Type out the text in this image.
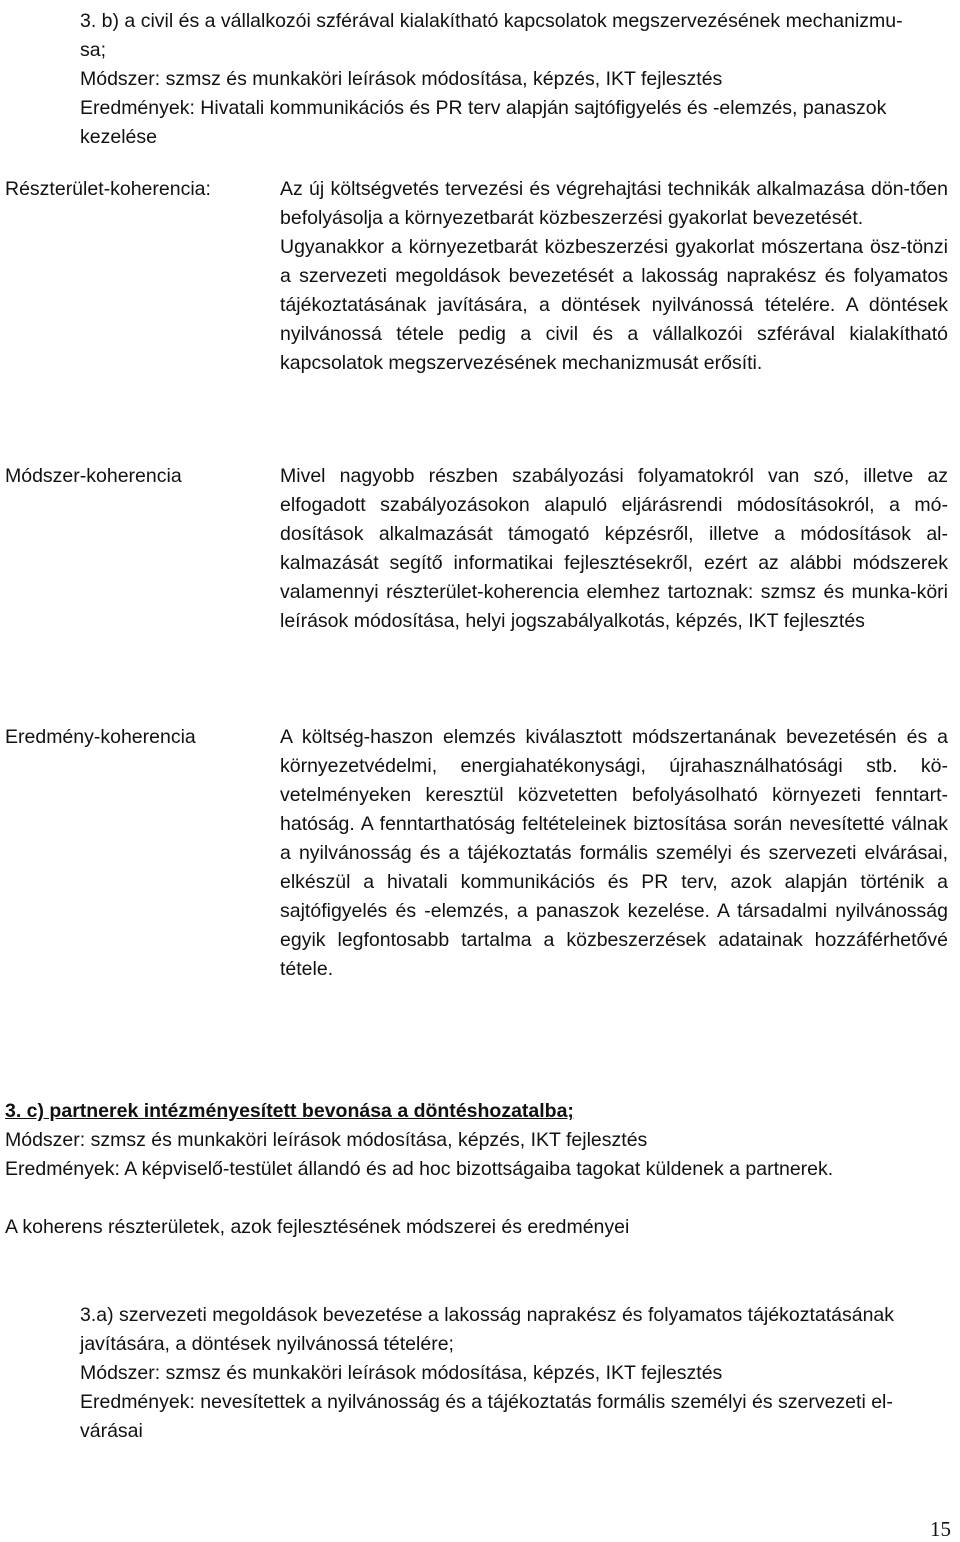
3. b) a civil és a vállalkozói szférával kialakítható kapcsolatok megszervezésének mechanizmu-
sa;
Módszer: szmsz és munkaköri leírások módosítása, képzés, IKT fejlesztés
Eredmények: Hivatali kommunikációs és PR terv alapján sajtófigyelés és -elemzés, panaszok
kezelése
Részterület-koherencia:	Az új költségvetés tervezési és végrehajtási technikák alkalmazása dön-tően befolyásolja a környezetbarát közbeszerzési gyakorlat bevezetését.

Ugyanakkor a környezetbarát közbeszerzési gyakorlat mószertana ösz-tönzi a szervezeti megoldások bevezetését a lakosság naprakész és folyamatos tájékoztatásának javítására, a döntések nyilvánossá tételére. A döntések nyilvánossá tétele pedig a civil és a vállalkozói szférával kialakítható kapcsolatok megszervezésének mechanizmusát erősíti.

Módszer-koherencia	Mivel nagyobb részben szabályozási folyamatokról van szó, illetve az elfogadott szabályozásokon alapuló eljárásrendi módosításokról, a mó-dosítások alkalmazását támogató képzésről, illetve a módosítások al-kalmazását segítő informatikai fejlesztésekről, ezért az alábbi módszerek valamennyi részterület-koherencia elemhez tartoznak: szmsz és munka-köri leírások módosítása, helyi jogszabályalkotás, képzés, IKT fejlesztés
Eredmény-koherencia	A költség-haszon elemzés kiválasztott módszertanának bevezetésén és a környezetvédelmi, energiahatékonysági, újrahasználhatósági stb. kö-vetelményeken keresztül közvetetten befolyásolható környezeti fenntart-hatóság. A fenntarthatóság feltételeinek biztosítása során nevesítetté válnak a nyilvánosság és a tájékoztatás formális személyi és szervezeti elvárásai, elkészül a hivatali kommunikációs és PR terv, azok alapján történik a sajtófigyelés és -elemzés, a panaszok kezelése. A társadalmi nyilvánosság egyik legfontosabb tartalma a közbeszerzések adatainak hozzáférhetővé tétele.
3. c) partnerek intézményesített bevonása a döntéshozatalba;
Módszer: szmsz és munkaköri leírások módosítása, képzés, IKT fejlesztés
Eredmények: A képviselő-testület állandó és ad hoc bizottságaiba tagokat küldenek a partnerek.
A koherens részterületek, azok fejlesztésének módszerei és eredményei
3.a) szervezeti megoldások bevezetése a lakosság naprakész és folyamatos tájékoztatásának
javítására, a döntések nyilvánossá tételére;
Módszer: szmsz és munkaköri leírások módosítása, képzés, IKT fejlesztés
Eredmények: nevesítettek a nyilvánosság és a tájékoztatás formális személyi és szervezeti el-
várásai
15
